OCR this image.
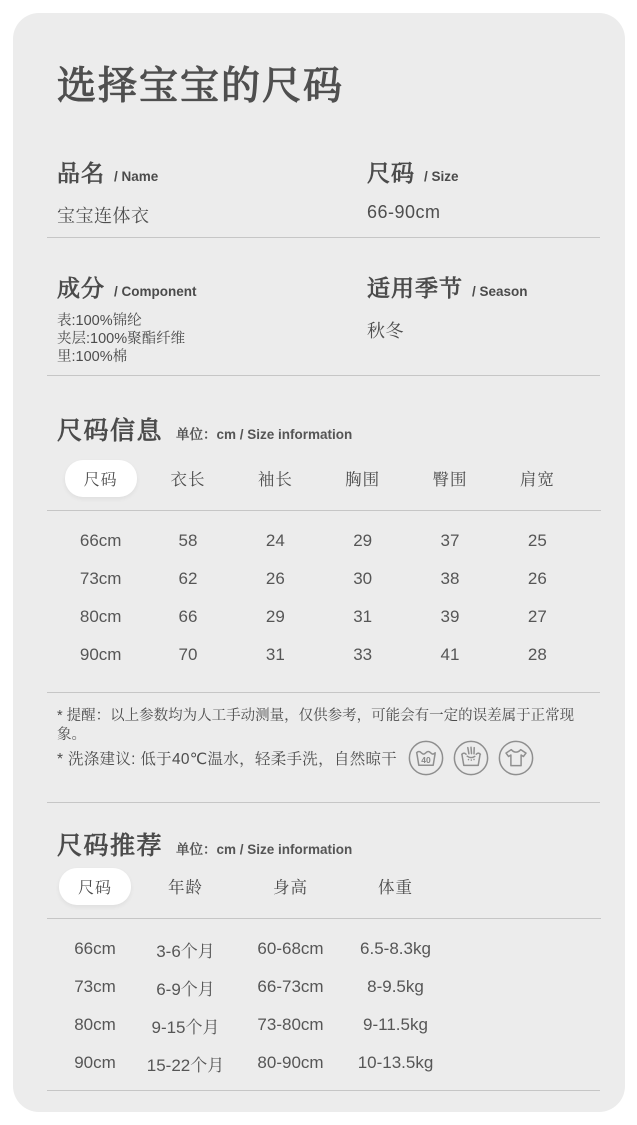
选择宝宝的尺码
品名 / Name
宝宝连体衣
尺码 / Size
66-90cm
成分 / Component
表:100%锦纶
夹层:100%聚酯纤维
里:100%棉
适用季节 / Season
秋冬
尺码信息 单位：cm / Size information
尺码	衣长	袖长	胸围	臀围	肩宽
66cm	58	24	29	37	25
73cm	62	26	30	38	26
80cm	66	29	31	39	27
90cm	70	31	33	41	28

* 提醒：以上参数均为人工手动测量，仅供参考，可能会有一定的误差属于正常现象。

* 洗涤建议: 低于40℃温水，轻柔手洗，自然晾干	40
尺码推荐 单位：cm / Size information
尺码	年龄	身高	体重
66cm	3-6个月	60-68cm	6.5-8.3kg
73cm	6-9个月	66-73cm	8-9.5kg
80cm	9-15个月	73-80cm	9-11.5kg
90cm	15-22个月	80-90cm	10-13.5kg
